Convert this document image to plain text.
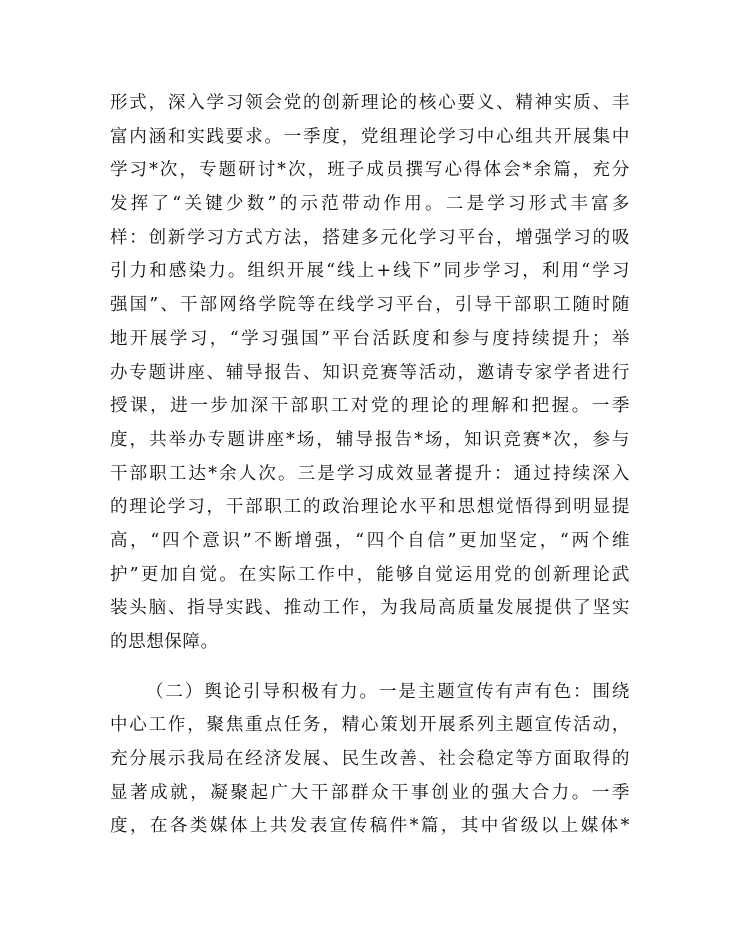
形式，深入学习领会党的创新理论的核心要义、精神实质、丰
富内涵和实践要求。一季度，党组理论学习中心组共开展集中
学习*次，专题研讨*次，班子成员撰写心得体会*余篇，充分
发挥了“关键少数”的示范带动作用。二是学习形式丰富多
样：创新学习方式方法，搭建多元化学习平台，增强学习的吸
引力和感染力。组织开展“线上+线下”同步学习，利用“学习
强国”、干部网络学院等在线学习平台，引导干部职工随时随
地开展学习，“学习强国”平台活跃度和参与度持续提升；举
办专题讲座、辅导报告、知识竞赛等活动，邀请专家学者进行
授课，进一步加深干部职工对党的理论的理解和把握。一季
度，共举办专题讲座*场，辅导报告*场，知识竞赛*次，参与
干部职工达*余人次。三是学习成效显著提升：通过持续深入
的理论学习，干部职工的政治理论水平和思想觉悟得到明显提
高，“四个意识”不断增强，“四个自信”更加坚定，“两个维
护”更加自觉。在实际工作中，能够自觉运用党的创新理论武
装头脑、指导实践、推动工作，为我局高质量发展提供了坚实
的思想保障。
（二）舆论引导积极有力。一是主题宣传有声有色：围绕
中心工作，聚焦重点任务，精心策划开展系列主题宣传活动，
充分展示我局在经济发展、民生改善、社会稳定等方面取得的
显著成就，凝聚起广大干部群众干事创业的强大合力。一季
度，在各类媒体上共发表宣传稿件*篇，其中省级以上媒体*
